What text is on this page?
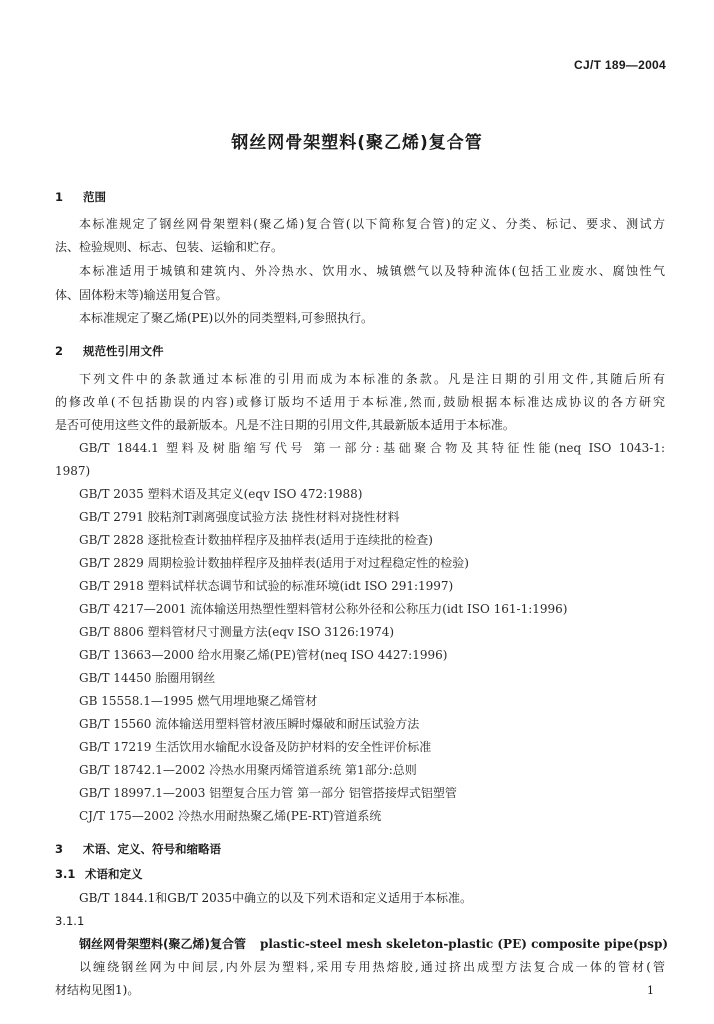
CJ/T 189—2004
钢丝网骨架塑料(聚乙烯)复合管
1 范围
本标准规定了钢丝网骨架塑料(聚乙烯)复合管(以下简称复合管)的定义、分类、标记、要求、测试方
法、检验规则、标志、包装、运输和贮存。
本标准适用于城镇和建筑内、外冷热水、饮用水、城镇燃气以及特种流体(包括工业废水、腐蚀性气
体、固体粉末等)输送用复合管。
本标准规定了聚乙烯(PE)以外的同类塑料,可参照执行。
2 规范性引用文件
下列文件中的条款通过本标准的引用而成为本标准的条款。凡是注日期的引用文件,其随后所有
的修改单(不包括勘误的内容)或修订版均不适用于本标准,然而,鼓励根据本标准达成协议的各方研究
是否可使用这些文件的最新版本。凡是不注日期的引用文件,其最新版本适用于本标准。
GB/T 1844.1 塑料及树脂缩写代号 第一部分:基础聚合物及其特征性能(neq ISO 1043-1:
1987)
GB/T 2035 塑料术语及其定义(eqv ISO 472:1988)
GB/T 2791 胶粘剂T剥离强度试验方法 挠性材料对挠性材料
GB/T 2828 逐批检查计数抽样程序及抽样表(适用于连续批的检查)
GB/T 2829 周期检验计数抽样程序及抽样表(适用于对过程稳定性的检验)
GB/T 2918 塑料试样状态调节和试验的标准环境(idt ISO 291:1997)
GB/T 4217—2001 流体输送用热塑性塑料管材公称外径和公称压力(idt ISO 161-1:1996)
GB/T 8806 塑料管材尺寸测量方法(eqv ISO 3126:1974)
GB/T 13663—2000 给水用聚乙烯(PE)管材(neq ISO 4427:1996)
GB/T 14450 胎圈用钢丝
GB 15558.1—1995 燃气用埋地聚乙烯管材
GB/T 15560 流体输送用塑料管材液压瞬时爆破和耐压试验方法
GB/T 17219 生活饮用水输配水设备及防护材料的安全性评价标准
GB/T 18742.1—2002 冷热水用聚丙烯管道系统 第1部分:总则
GB/T 18997.1—2003 铝塑复合压力管 第一部分 铝管搭接焊式铝塑管
CJ/T 175—2002 冷热水用耐热聚乙烯(PE-RT)管道系统
3 术语、定义、符号和缩略语
3.1 术语和定义
GB/T 1844.1和GB/T 2035中确立的以及下列术语和定义适用于本标准。
3.1.1
钢丝网骨架塑料(聚乙烯)复合管 plastic-steel mesh skeleton-plastic (PE) composite pipe(psp)
以缠绕钢丝网为中间层,内外层为塑料,采用专用热熔胶,通过挤出成型方法复合成一体的管材(管
材结构见图1)。	1
